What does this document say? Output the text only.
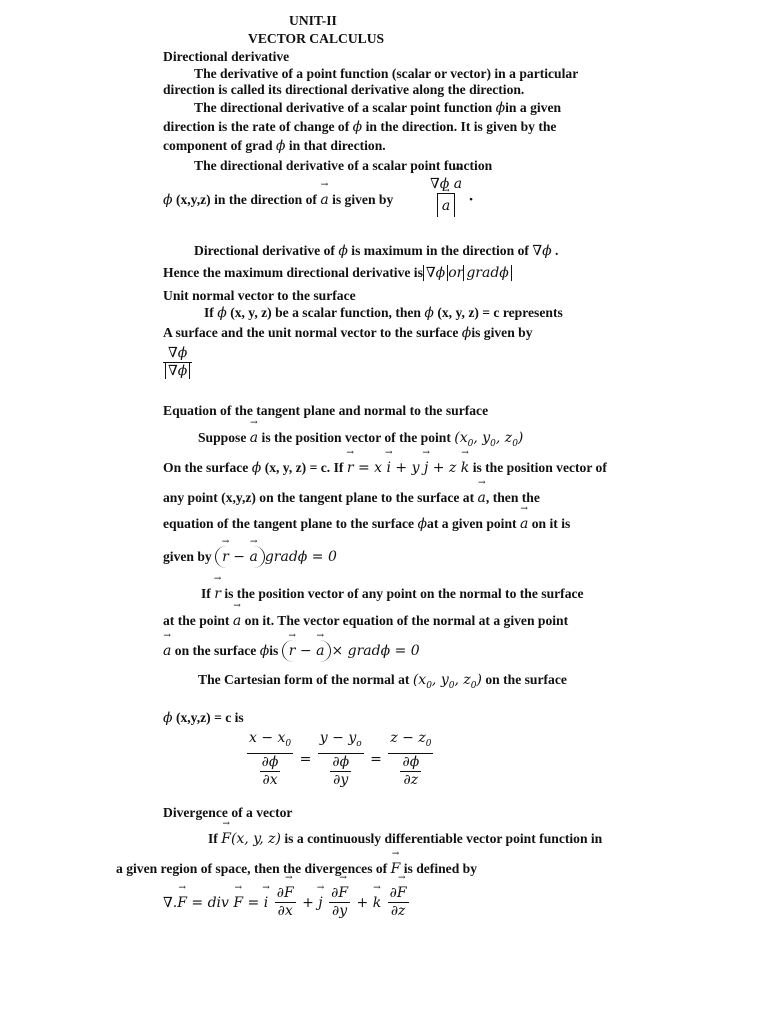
UNIT-II
VECTOR CALCULUS
Directional derivative
The derivative of a point function (scalar or vector) in a particular
direction is called its directional derivative along the direction.
The directional derivative of a scalar point function ϕin a given
direction is the rate of change of ϕ in the direction. It is given by the
component of grad ϕ in that direction.
The directional derivative of a scalar point function
ϕ (x,y,z) in the direction of → a is given by ∇ϕ → a
→ a .
Directional derivative of ϕ is maximum in the direction of ∇ϕ .
Hence the maximum directional derivative is ∇ϕ or gradϕ
Unit normal vector to the surface
If ϕ (x, y, z) be a scalar function, then ϕ (x, y, z) = c represents
A surface and the unit normal vector to the surface ϕis given by
$\frac{\nabla\phi}{\nabla\phi}$
Equation of the tangent plane and normal to the surface
Suppose → a is the position vector of the point ($x_0$, $y_0$, $z_0$)
On the surface ϕ (x, y, z) = c. If → r = x → i + y → j + z → k is the position vector of
any point (x,y,z) on the tangent plane to the surface at → a, then the
equation of the tangent plane to the surface ϕat a given point → a on it is
given by → r − → a gradϕ = 0
If → r is the position vector of any point on the normal to the surface
at the point → a on it. The vector equation of the normal at a given point
→ a on the surface ϕis → r − → a × gradϕ = 0
The Cartesian form of the normal at ($x_0$, $y_0$, $z_0$) on the surface
ϕ (x,y,z) = c is
$\frac{x - x_0}{\frac{\partial\phi}{\partial x}} = \frac{y - y_o}{\frac{\partial\phi}{\partial y}} = \frac{z - z_0}{\frac{\partial\phi}{\partial z}}$
Divergence of a vector
If → F(x, y, z) is a continuously differentiable vector point function in
a given region of space, then the divergences of → F is defined by
∇.→ F = div → F = → i $\frac{\partial\to F}{\partial x}$ + → j $\frac{\partial\to F}{\partial y}$ + → k $\frac{\partial\to F}{\partial z}$
